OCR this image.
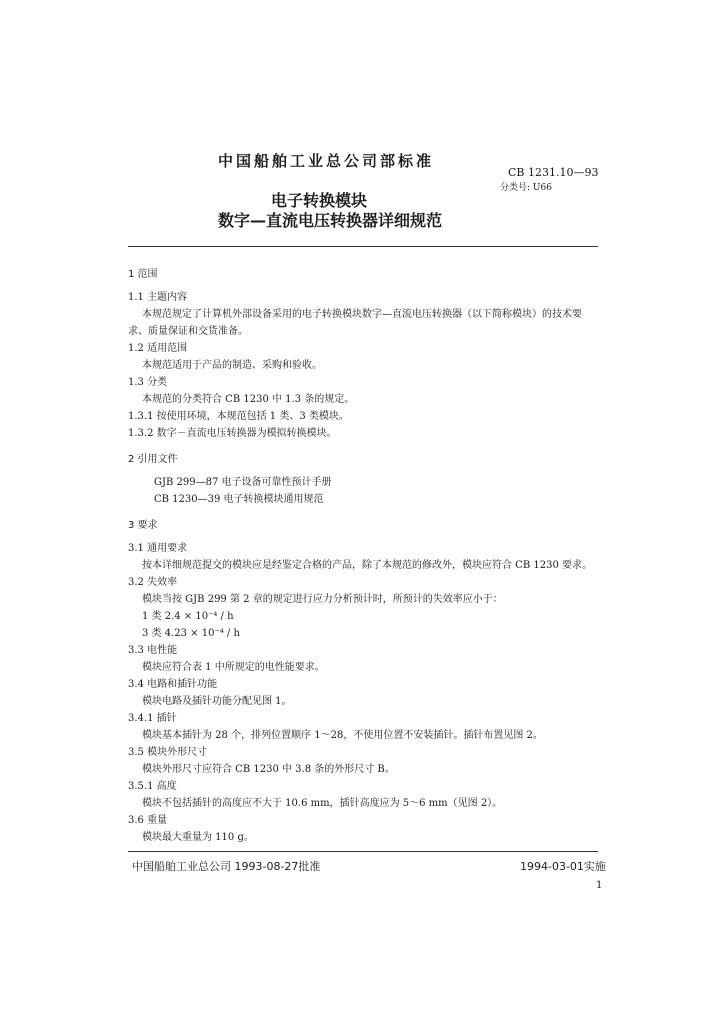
中国船舶工业总公司部标准
CB 1231.10—93
分类号: U66
电子转换模块
数字—直流电压转换器详细规范
1 范围
1.1 主题内容
本规范规定了计算机外部设备采用的电子转换模块数字—直流电压转换器（以下简称模块）的技术要
求、质量保证和交货准备。
1.2 适用范围
本规范适用于产品的制造、采购和验收。
1.3 分类
本规范的分类符合 CB 1230 中 1.3 条的规定。
1.3.1 按使用环境，本规范包括 1 类、3 类模块。
1.3.2 数字－直流电压转换器为模拟转换模块。
2 引用文件
GJB 299—87 电子设备可靠性预计手册
CB 1230—39 电子转换模块通用规范
3 要求
3.1 通用要求
按本详细规范提交的模块应是经鉴定合格的产品，除了本规范的修改外，模块应符合 CB 1230 要求。
3.2 失效率
模块当按 GJB 299 第 2 章的规定进行应力分析预计时，所预计的失效率应小于：
1 类 2.4 × 10⁻⁴ / h
3 类 4.23 × 10⁻⁴ / h
3.3 电性能
模块应符合表 1 中所规定的电性能要求。
3.4 电路和插针功能
模块电路及插针功能分配见图 1。
3.4.1 插针
模块基本插针为 28 个，排列位置顺序 1～28，不使用位置不安装插针。插针布置见图 2。
3.5 模块外形尺寸
模块外形尺寸应符合 CB 1230 中 3.8 条的外形尺寸 B。
3.5.1 高度
模块不包括插针的高度应不大于 10.6 mm，插针高度应为 5～6 mm（见图 2）。
3.6 重量
模块最大重量为 110 g。
中国船舶工业总公司 1993-08-27批准	1994-03-01实施
1
